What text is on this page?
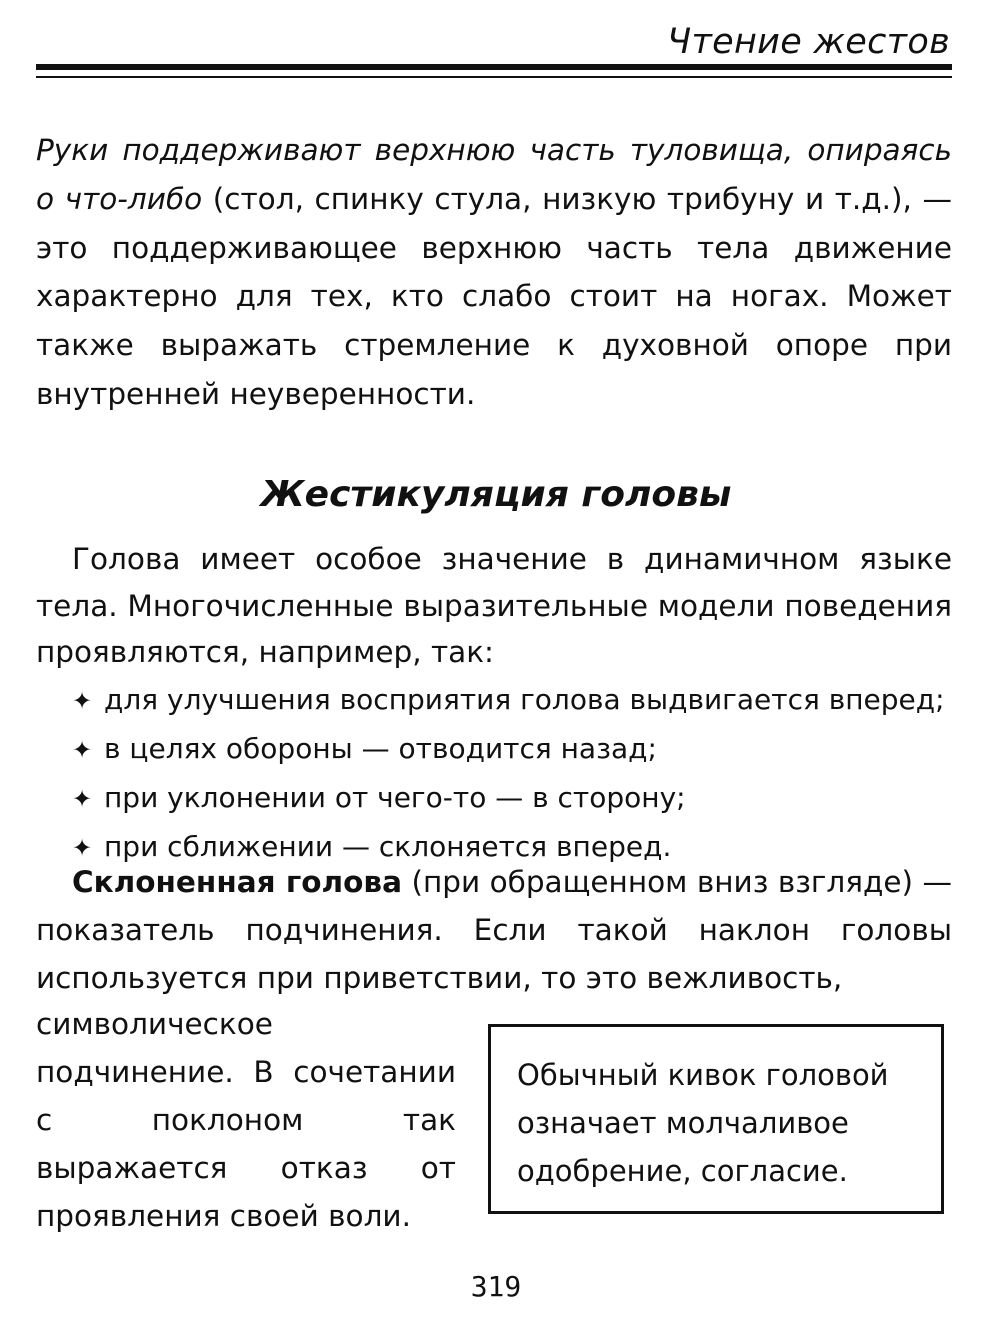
Чтение жестов

Руки поддерживают верхнюю часть туловища, опираясь о что-либо (стол, спинку стула, низкую трибуну и т.д.), — это поддерживающее верхнюю часть тела движение характерно для тех, кто слабо стоит на ногах. Может также выражать стремление к духовной опоре при внутренней неуверенности.

Жестикуляция головы

Голова имеет особое значение в динамичном языке тела. Многочисленные выразительные модели поведения проявляются, например, так:

✦ для улучшения восприятия голова выдвигается вперед;
✦ в целях обороны — отводится назад;
✦ при уклонении от чего-то — в сторону;
✦ при сближении — склоняется вперед.

Склоненная голова (при обращенном вниз взгляде) — показатель подчинения. Если такой наклон головы используется при приветствии, то это вежливость,

символическое подчинение. В сочетании с поклоном так выражается отказ от проявления своей воли.

Обычный кивок головой означает молчаливое одобрение, согласие.
319
